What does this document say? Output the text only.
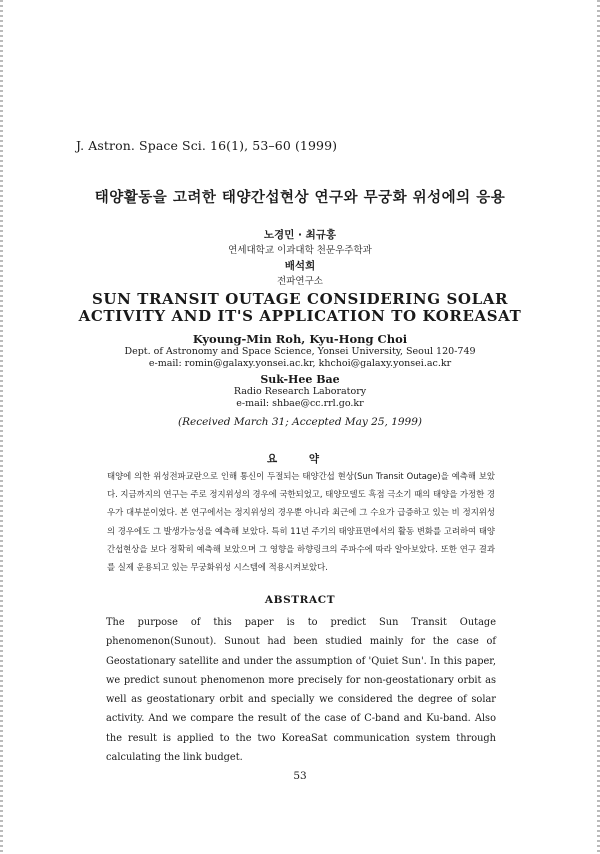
J. Astron. Space Sci. 16(1), 53–60 (1999)
태양활동을 고려한 태양간섭현상 연구와 무궁화 위성에의 응용
노경민 · 최규홍
연세대학교 이과대학 천문우주학과
배석희
전파연구소
SUN TRANSIT OUTAGE CONSIDERING SOLAR
ACTIVITY AND IT'S APPLICATION TO KOREASAT
Kyoung-Min Roh, Kyu-Hong Choi
Dept. of Astronomy and Space Science, Yonsei University, Seoul 120-749
e-mail: romin@galaxy.yonsei.ac.kr, khchoi@galaxy.yonsei.ac.kr
Suk-Hee Bae
Radio Research Laboratory
e-mail: shbae@cc.rrl.go.kr
(Received March 31; Accepted May 25, 1999)
요 약
태양에 의한 위성전파교란으로 인해 통신이 두절되는 태양간섭 현상(Sun Transit Outage)을 예측해 보았다. 지금까지의 연구는 주로 정지위성의 경우에 국한되었고, 태양모델도 흑점 극소기 때의 태양을 가정한 경우가 대부분이었다. 본 연구에서는 정지위성의 경우뿐 아니라 최근에 그 수요가 급증하고 있는 비 정지위성의 경우에도 그 발생가능성을 예측해 보았다. 특히 11년 주기의 태양표면에서의 활동 변화를 고려하여 태양 간섭현상을 보다 정확히 예측해 보았으며 그 영향을 하향링크의 주파수에 따라 알아보았다. 또한 연구 결과를 실제 운용되고 있는 무궁화위성 시스템에 적용시켜보았다.
ABSTRACT
The purpose of this paper is to predict Sun Transit Outage phenomenon(Sunout). Sunout had been studied mainly for the case of Geostationary satellite and under the assumption of 'Quiet Sun'. In this paper, we predict sunout phenomenon more precisely for non-geostationary orbit as well as geostationary orbit and specially we considered the degree of solar activity. And we compare the result of the case of C-band and Ku-band. Also the result is applied to the two KoreaSat communication system through calculating the link budget.
53
